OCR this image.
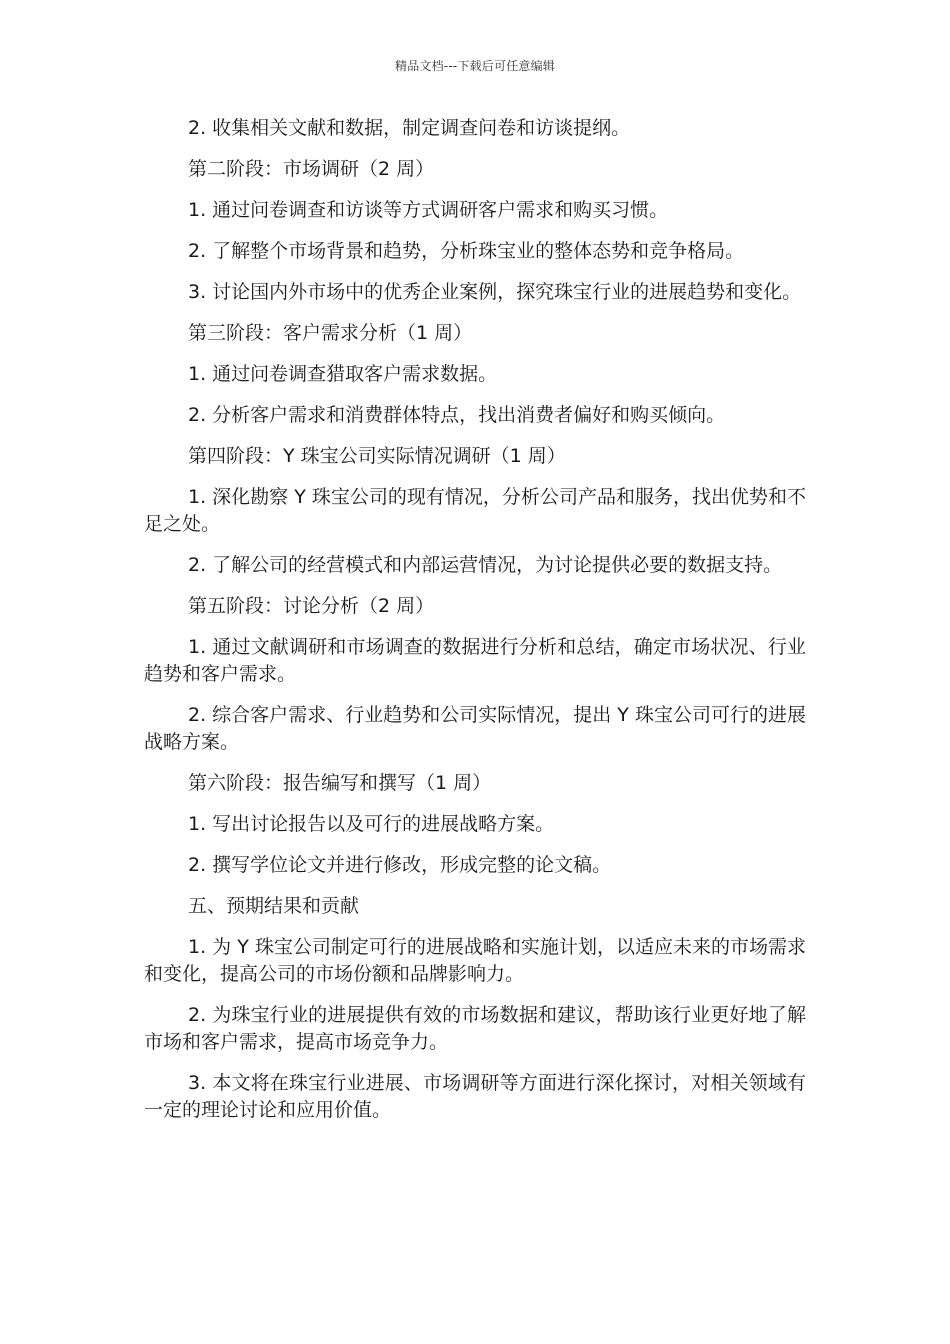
精品文档---下载后可任意编辑

2. 收集相关文献和数据，制定调查问卷和访谈提纲。

第二阶段：市场调研（2 周）

1. 通过问卷调查和访谈等方式调研客户需求和购买习惯。

2. 了解整个市场背景和趋势，分析珠宝业的整体态势和竞争格局。

3. 讨论国内外市场中的优秀企业案例，探究珠宝行业的进展趋势和变化。

第三阶段：客户需求分析（1 周）

1. 通过问卷调查猎取客户需求数据。

2. 分析客户需求和消费群体特点，找出消费者偏好和购买倾向。

第四阶段：Y 珠宝公司实际情况调研（1 周）

1. 深化勘察 Y 珠宝公司的现有情况，分析公司产品和服务，找出优势和不足之处。

2. 了解公司的经营模式和内部运营情况，为讨论提供必要的数据支持。

第五阶段：讨论分析（2 周）

1. 通过文献调研和市场调查的数据进行分析和总结，确定市场状况、行业趋势和客户需求。

2. 综合客户需求、行业趋势和公司实际情况，提出 Y 珠宝公司可行的进展战略方案。

第六阶段：报告编写和撰写（1 周）

1. 写出讨论报告以及可行的进展战略方案。

2. 撰写学位论文并进行修改，形成完整的论文稿。

五、预期结果和贡献

1. 为 Y 珠宝公司制定可行的进展战略和实施计划，以适应未来的市场需求和变化，提高公司的市场份额和品牌影响力。

2. 为珠宝行业的进展提供有效的市场数据和建议，帮助该行业更好地了解市场和客户需求，提高市场竞争力。

3. 本文将在珠宝行业进展、市场调研等方面进行深化探讨，对相关领域有一定的理论讨论和应用价值。
